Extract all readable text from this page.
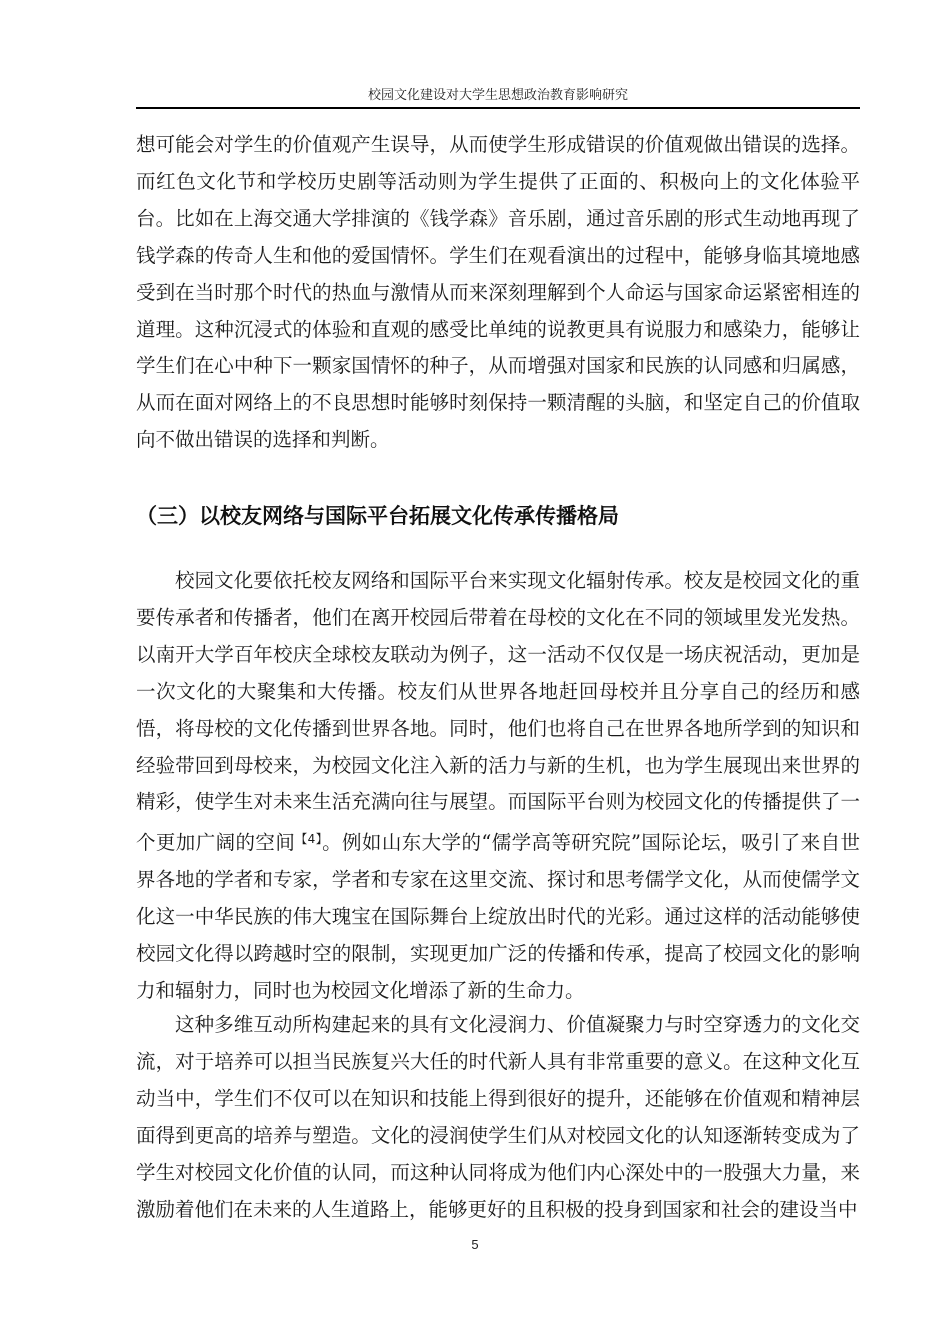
校园文化建设对大学生思想政治教育影响研究

想可能会对学生的价值观产生误导，从而使学生形成错误的价值观做出错误的选择。而红色文化节和学校历史剧等活动则为学生提供了正面的、积极向上的文化体验平台。比如在上海交通大学排演的《钱学森》音乐剧，通过音乐剧的形式生动地再现了钱学森的传奇人生和他的爱国情怀。学生们在观看演出的过程中，能够身临其境地感受到在当时那个时代的热血与激情从而来深刻理解到个人命运与国家命运紧密相连的道理。这种沉浸式的体验和直观的感受比单纯的说教更具有说服力和感染力，能够让学生们在心中种下一颗家国情怀的种子，从而增强对国家和民族的认同感和归属感，从而在面对网络上的不良思想时能够时刻保持一颗清醒的头脑，和坚定自己的价值取向不做出错误的选择和判断。

（三）以校友网络与国际平台拓展文化传承传播格局

校园文化要依托校友网络和国际平台来实现文化辐射传承。校友是校园文化的重要传承者和传播者，他们在离开校园后带着在母校的文化在不同的领域里发光发热。以南开大学百年校庆全球校友联动为例子，这一活动不仅仅是一场庆祝活动，更加是一次文化的大聚集和大传播。校友们从世界各地赶回母校并且分享自己的经历和感悟，将母校的文化传播到世界各地。同时，他们也将自己在世界各地所学到的知识和经验带回到母校来，为校园文化注入新的活力与新的生机，也为学生展现出来世界的精彩，使学生对未来生活充满向往与展望。而国际平台则为校园文化的传播提供了一个更加广阔的空间$^{【4】}$。例如山东大学的“儒学高等研究院”国际论坛，吸引了来自世界各地的学者和专家，学者和专家在这里交流、探讨和思考儒学文化，从而使儒学文化这一中华民族的伟大瑰宝在国际舞台上绽放出时代的光彩。通过这样的活动能够使校园文化得以跨越时空的限制，实现更加广泛的传播和传承，提高了校园文化的影响力和辐射力，同时也为校园文化增添了新的生命力。

这种多维互动所构建起来的具有文化浸润力、价值凝聚力与时空穿透力的文化交流，对于培养可以担当民族复兴大任的时代新人具有非常重要的意义。在这种文化互动当中，学生们不仅可以在知识和技能上得到很好的提升，还能够在价值观和精神层面得到更高的培养与塑造。文化的浸润使学生们从对校园文化的认知逐渐转变成为了学生对校园文化价值的认同，而这种认同将成为他们内心深处中的一股强大力量，来激励着他们在未来的人生道路上，能够更好的且积极的投身到国家和社会的建设当中

5
